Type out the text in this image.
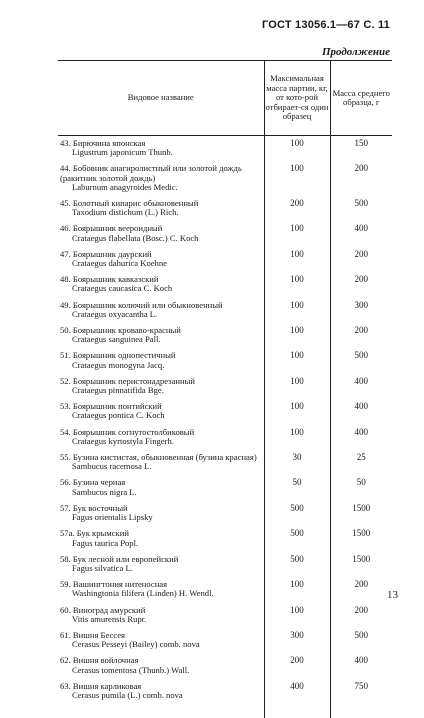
ГОСТ 13056.1—67 С. 11
Продолжение
Видовое название	Максимальная масса партии, кг, от кото-рой отбирает-ся один образец	Масса среднего образца, г

43. Бирючина японская
Ligustrum japonicum Thunb.	100	150

44. Бобовник анагиролистный или золотой дождь (ракитник золотой дождь)
Laburnum anagyroides Medic.	100	200

45. Болотный кипарис обыкновенный
Taxodium distichum (L.) Rich.	200	500

46. Боярышник веероидный
Crataegus flabellata (Bosc.) C. Koch	100	400

47. Боярышник даурский
Crataegus dahurica Koehne	100	200

48. Боярышник кавказский
Crataegus caucasica C. Koch	100	200

49. Боярышник колючий или обыкновенный
Crataegus oxyacantha L.	100	300

50. Боярышник кроваво-красный
Crataegus sanguinea Pall.	100	200

51. Боярышник однопестичный
Crataegus monogyna Jacq.	100	500

52. Боярышник перистонадрезанный
Crataegus pinnatifida Bge.	100	400

53. Боярышник понтийский
Crataegus pontica C. Koch	100	400

54. Боярышник согнутостолбиковый
Crataegus kyrtostyla Fingerh.	100	400

55. Бузина кистистая, обыкновенная (бузина красная)
Sambucus racemosa L.	30	25

56. Бузина черная
Sambucus nigra L.	50	50

57. Бук восточный
Fagus orientalis Lipsky	500	1500

57а. Бук крымский
Fagus taurica Popl.	500	1500

58. Бук лесной или европейский
Fagus silvatica L.	500	1500

59. Вашингтония нитеносная
Washingtonia filifera (Linden) H. Wendl.	100	200

60. Виноград амурский
Vitis amurensis Rupr.	100	200

61. Вишня Бессея
Cerasus Pesseyi (Bailey) comb. nova	300	500

62. Вишня войлочная
Cerasus tomentosa (Thunb.) Wall.	200	400

63. Вишня карликовая
Cerasus pumila (L.) comb. nova	400	750

13
